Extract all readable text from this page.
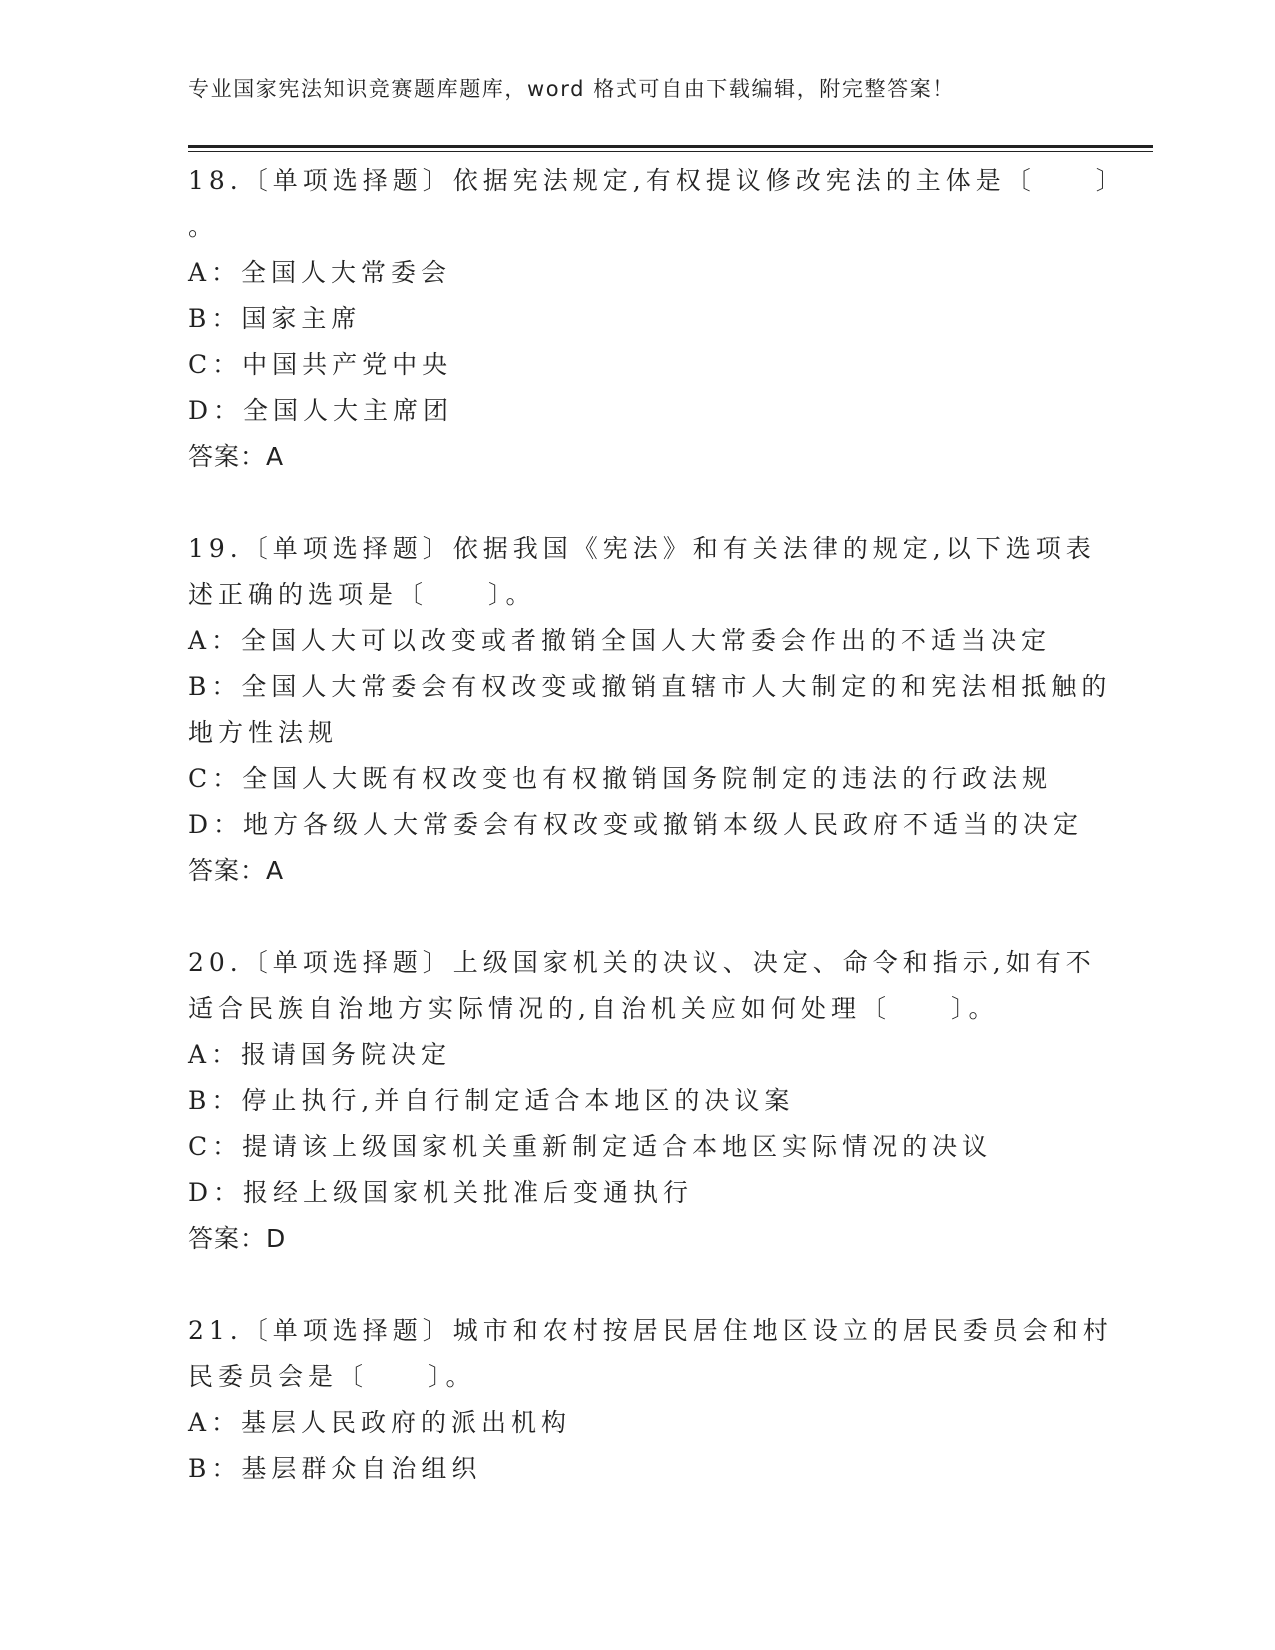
专业国家宪法知识竞赛题库题库，word 格式可自由下载编辑，附完整答案！
18.〔单项选择题〕依据宪法规定,有权提议修改宪法的主体是〔　　〕
。
A：全国人大常委会
B：国家主席
C：中国共产党中央
D：全国人大主席团
答案：A
19.〔单项选择题〕依据我国《宪法》和有关法律的规定,以下选项表
述正确的选项是〔　　〕。
A：全国人大可以改变或者撤销全国人大常委会作出的不适当决定
B：全国人大常委会有权改变或撤销直辖市人大制定的和宪法相抵触的
地方性法规
C：全国人大既有权改变也有权撤销国务院制定的违法的行政法规
D：地方各级人大常委会有权改变或撤销本级人民政府不适当的决定
答案：A
20.〔单项选择题〕上级国家机关的决议、决定、命令和指示,如有不
适合民族自治地方实际情况的,自治机关应如何处理〔　　〕。
A：报请国务院决定
B：停止执行,并自行制定适合本地区的决议案
C：提请该上级国家机关重新制定适合本地区实际情况的决议
D：报经上级国家机关批准后变通执行
答案：D
21.〔单项选择题〕城市和农村按居民居住地区设立的居民委员会和村
民委员会是〔　　〕。
A：基层人民政府的派出机构
B：基层群众自治组织
